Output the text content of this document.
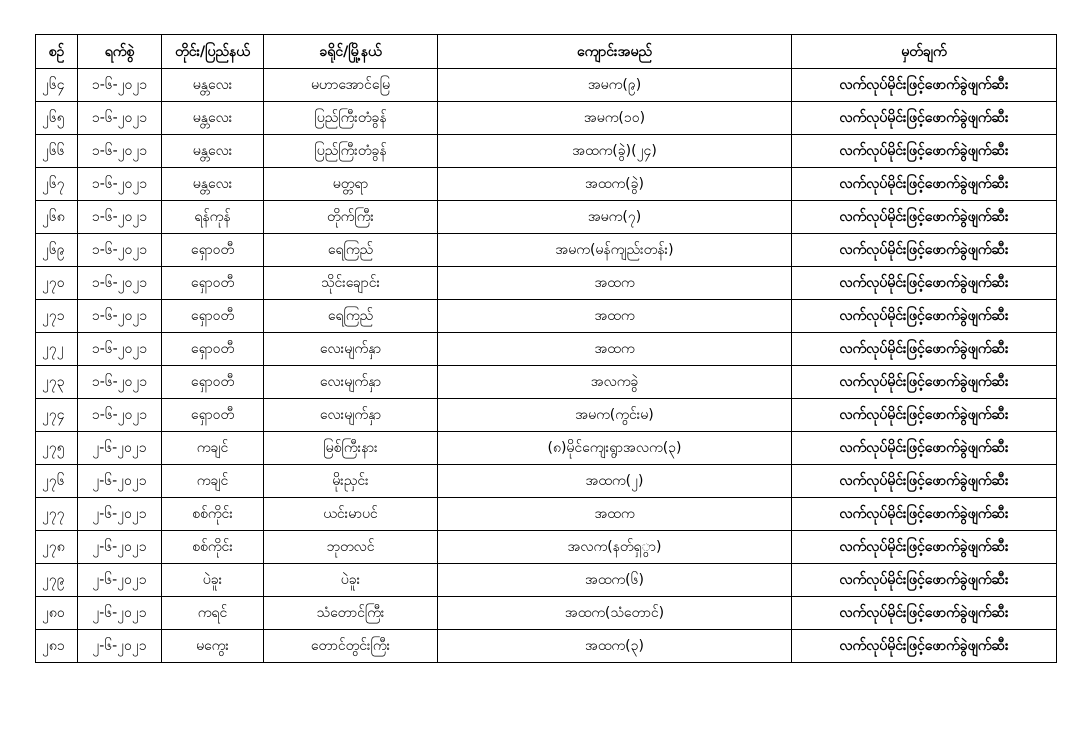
စဉ်	ရက်စွဲ	တိုင်း/ပြည်နယ်	ခရိုင်/မြို့နယ်	ကျောင်းအမည်	မှတ်ချက်
၂၆၄	၁-၆-၂၀၂၁	မန္တလေး	မဟာအောင်မြေ	အမက(၉)	လက်လုပ်မိုင်းဖြင့်ဖောက်ခွဲဖျက်ဆီး
၂၆၅	၁-၆-၂၀၂၁	မန္တလေး	ပြည်ကြီးတံခွန်	အမက(၁၀)	လက်လုပ်မိုင်းဖြင့်ဖောက်ခွဲဖျက်ဆီး
၂၆၆	၁-၆-၂၀၂၁	မန္တလေး	ပြည်ကြီးတံခွန်	အထက(ခွဲ)(၂၄)	လက်လုပ်မိုင်းဖြင့်ဖောက်ခွဲဖျက်ဆီး
၂၆၇	၁-၆-၂၀၂၁	မန္တလေး	မတ္တရာ	အထက(ခွဲ)	လက်လုပ်မိုင်းဖြင့်ဖောက်ခွဲဖျက်ဆီး
၂၆၈	၁-၆-၂၀၂၁	ရန်ကုန်	တိုက်ကြီး	အမက(၇)	လက်လုပ်မိုင်းဖြင့်ဖောက်ခွဲဖျက်ဆီး
၂၆၉	၁-၆-၂၀၂၁	ရှောဝတီ	ရေကြည်	အမက(မန်ကျည်းတန်း)	လက်လုပ်မိုင်းဖြင့်ဖောက်ခွဲဖျက်ဆီး
၂၇၀	၁-၆-၂၀၂၁	ရှောဝတီ	သိုင်းချောင်း	အထက	လက်လုပ်မိုင်းဖြင့်ဖောက်ခွဲဖျက်ဆီး
၂၇၁	၁-၆-၂၀၂၁	ရှောဝတီ	ရေကြည်	အထက	လက်လုပ်မိုင်းဖြင့်ဖောက်ခွဲဖျက်ဆီး
၂၇၂	၁-၆-၂၀၂၁	ရှောဝတီ	လေးမျက်နှာ	အထက	လက်လုပ်မိုင်းဖြင့်ဖောက်ခွဲဖျက်ဆီး
၂၇၃	၁-၆-၂၀၂၁	ရှောဝတီ	လေးမျက်နှာ	အလကခွဲ	လက်လုပ်မိုင်းဖြင့်ဖောက်ခွဲဖျက်ဆီး
၂၇၄	၁-၆-၂၀၂၁	ရှောဝတီ	လေးမျက်နှာ	အမက(ကွင်းမ)	လက်လုပ်မိုင်းဖြင့်ဖောက်ခွဲဖျက်ဆီး
၂၇၅	၂-၆-၂၀၂၁	ကချင်	မြစ်ကြီးနား	(၈)မိုင်ကျေးရွာအလက(၃)	လက်လုပ်မိုင်းဖြင့်ဖောက်ခွဲဖျက်ဆီး
၂၇၆	၂-၆-၂၀၂၁	ကချင်	မိုးညှင်း	အထက(၂)	လက်လုပ်မိုင်းဖြင့်ဖောက်ခွဲဖျက်ဆီး
၂၇၇	၂-၆-၂၀၂၁	စစ်ကိုင်း	ယင်းမာပင်	အထက	လက်လုပ်မိုင်းဖြင့်ဖောက်ခွဲဖျက်ဆီး
၂၇၈	၂-၆-၂၀၂၁	စစ်ကိုင်း	ဘုတလင်	အလက(နတ်ရှွာ)	လက်လုပ်မိုင်းဖြင့်ဖောက်ခွဲဖျက်ဆီး
၂၇၉	၂-၆-၂၀၂၁	ပဲခူး	ပဲခူး	အထက(၆)	လက်လုပ်မိုင်းဖြင့်ဖောက်ခွဲဖျက်ဆီး
၂၈၀	၂-၆-၂၀၂၁	ကရင်	သံတောင်ကြီး	အထက(သံတောင်)	လက်လုပ်မိုင်းဖြင့်ဖောက်ခွဲဖျက်ဆီး
၂၈၁	၂-၆-၂၀၂၁	မကွေး	တောင်တွင်းကြီး	အထက(၃)	လက်လုပ်မိုင်းဖြင့်ဖောက်ခွဲဖျက်ဆီး
